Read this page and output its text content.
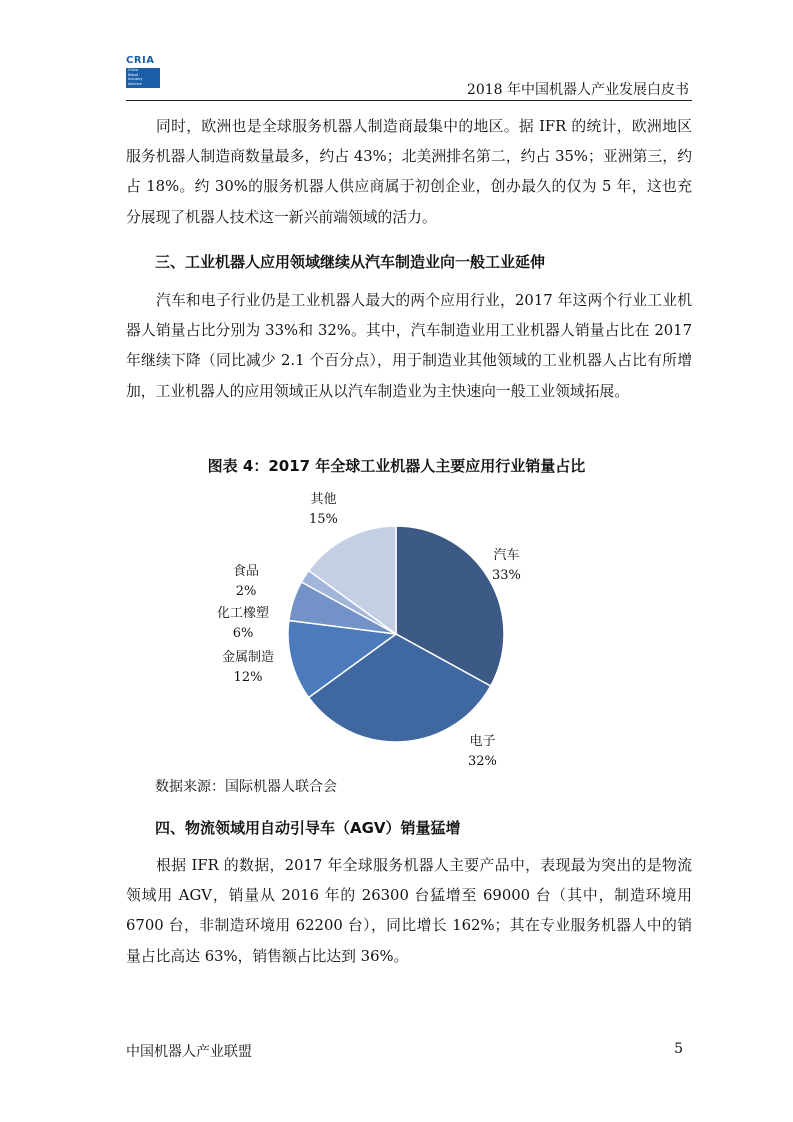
CRIA
China
Robot
Industry
Alliance	2018 年中国机器人产业发展白皮书

同时，欧洲也是全球服务机器人制造商最集中的地区。据 IFR 的统计，欧洲地区服务机器人制造商数量最多，约占 43%；北美洲排名第二，约占 35%；亚洲第三，约占 18%。约 30%的服务机器人供应商属于初创企业，创办最久的仅为 5 年，这也充分展现了机器人技术这一新兴前端领域的活力。

三、工业机器人应用领域继续从汽车制造业向一般工业延伸

汽车和电子行业仍是工业机器人最大的两个应用行业，2017 年这两个行业工业机器人销量占比分别为 33%和 32%。其中，汽车制造业用工业机器人销量占比在 2017 年继续下降（同比减少 2.1 个百分点），用于制造业其他领域的工业机器人占比有所增加，工业机器人的应用领域正从以汽车制造业为主快速向一般工业领域拓展。

图表 4：2017 年全球工业机器人主要应用行业销量占比
汽车
33%
电子
32%
金属制造
12%
化工橡塑
6%
食品
2%
其他
15%
数据来源：国际机器人联合会
四、物流领域用自动引导车（AGV）销量猛增

根据 IFR 的数据，2017 年全球服务机器人主要产品中，表现最为突出的是物流领域用 AGV，销量从 2016 年的 26300 台猛增至 69000 台（其中，制造环境用 6700 台，非制造环境用 62200 台），同比增长 162%；其在专业服务机器人中的销量占比高达 63%，销售额占比达到 36%。

中国机器人产业联盟	5
